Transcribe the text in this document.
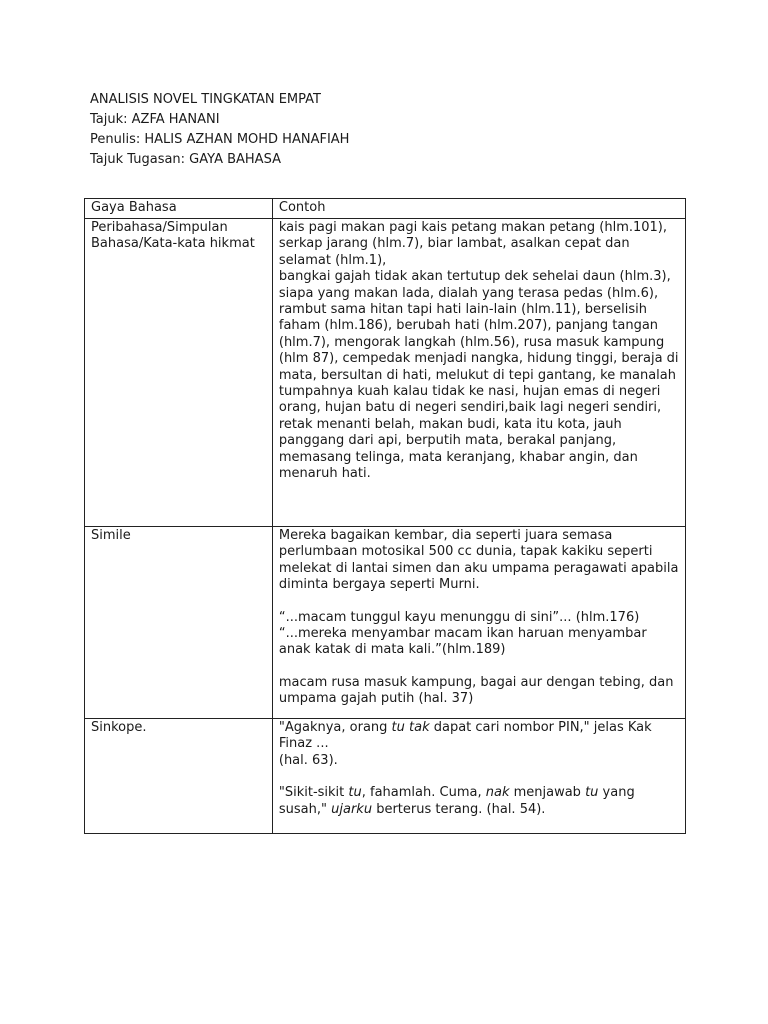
ANALISIS NOVEL TINGKATAN EMPAT
Tajuk: AZFA HANANI
Penulis: HALIS AZHAN MOHD HANAFIAH
Tajuk Tugasan: GAYA BAHASA
Gaya Bahasa	Contoh
Peribahasa/Simpulan Bahasa/Kata-kata hikmat	kais pagi makan pagi kais petang makan petang (hlm.101), serkap jarang (hlm.7), biar lambat, asalkan cepat dan selamat (hlm.1),
bangkai gajah tidak akan tertutup dek sehelai daun (hlm.3), siapa yang makan lada, dialah yang terasa pedas (hlm.6), rambut sama hitan tapi hati lain-lain (hlm.11), berselisih faham (hlm.186), berubah hati (hlm.207), panjang tangan (hlm.7), mengorak langkah (hlm.56), rusa masuk kampung (hlm 87), cempedak menjadi nangka, hidung tinggi, beraja di mata, bersultan di hati, melukut di tepi gantang, ke manalah tumpahnya kuah kalau tidak ke nasi, hujan emas di negeri orang, hujan batu di negeri sendiri,baik lagi negeri sendiri, retak menanti belah, makan budi, kata itu kota, jauh panggang dari api, berputih mata, berakal panjang, memasang telinga, mata keranjang, khabar angin, dan menaruh hati.

Simile	Mereka bagaikan kembar, dia seperti juara semasa perlumbaan motosikal 500 cc dunia, tapak kakiku seperti melekat di lantai simen dan aku umpama peragawati apabila diminta bergaya seperti Murni.
“...macam tunggul kayu menunggu di sini”... (hlm.176)
“...mereka menyambar macam ikan haruan menyambar anak katak di mata kali.”(hlm.189)
macam rusa masuk kampung, bagai aur dengan tebing, dan umpama gajah putih (hal. 37)

Sinkope.	"Agaknya, orang tu tak dapat cari nombor PIN," jelas Kak Finaz ...
(hal. 63).
"Sikit-sikit tu, fahamlah. Cuma, nak menjawab tu yang susah," ujarku berterus terang. (hal. 54).
